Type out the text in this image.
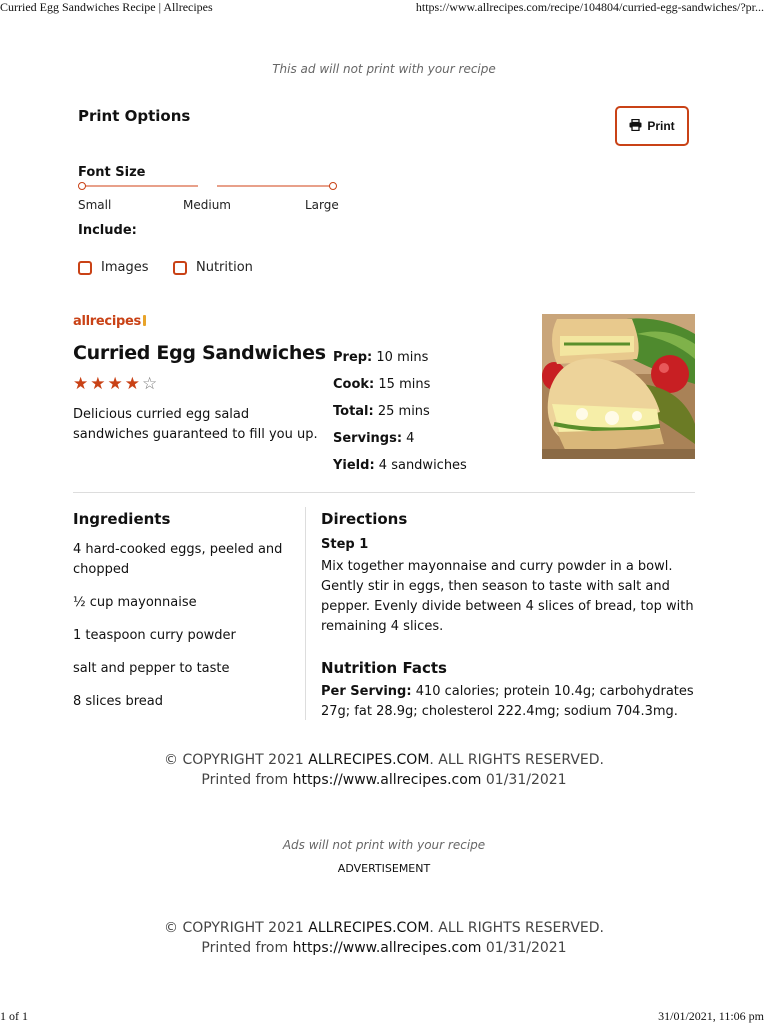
Curried Egg Sandwiches Recipe | Allrecipes	https://www.allrecipes.com/recipe/104804/curried-egg-sandwiches/?pr...
This ad will not print with your recipe
Print Options
Print
Font Size
Small	Medium	Large
Include:
Images	Nutrition
allrecipes
Curried Egg Sandwiches
★★★★☆
Delicious curried egg salad sandwiches guaranteed to fill you up.
Prep: 10 mins
Cook: 15 mins
Total: 25 mins
Servings: 4
Yield: 4 sandwiches
Ingredients
4 hard-cooked eggs, peeled and chopped
½ cup mayonnaise
1 teaspoon curry powder
salt and pepper to taste
8 slices bread
Directions
Step 1
Mix together mayonnaise and curry powder in a bowl. Gently stir in eggs, then season to taste with salt and pepper. Evenly divide between 4 slices of bread, top with remaining 4 slices.
Nutrition Facts
Per Serving: 410 calories; protein 10.4g; carbohydrates 27g; fat 28.9g; cholesterol 222.4mg; sodium 704.3mg.
© COPYRIGHT 2021 ALLRECIPES.COM. ALL RIGHTS RESERVED.
Printed from https://www.allrecipes.com 01/31/2021
Ads will not print with your recipe
ADVERTISEMENT
© COPYRIGHT 2021 ALLRECIPES.COM. ALL RIGHTS RESERVED.
Printed from https://www.allrecipes.com 01/31/2021
1 of 1	31/01/2021, 11:06 pm
